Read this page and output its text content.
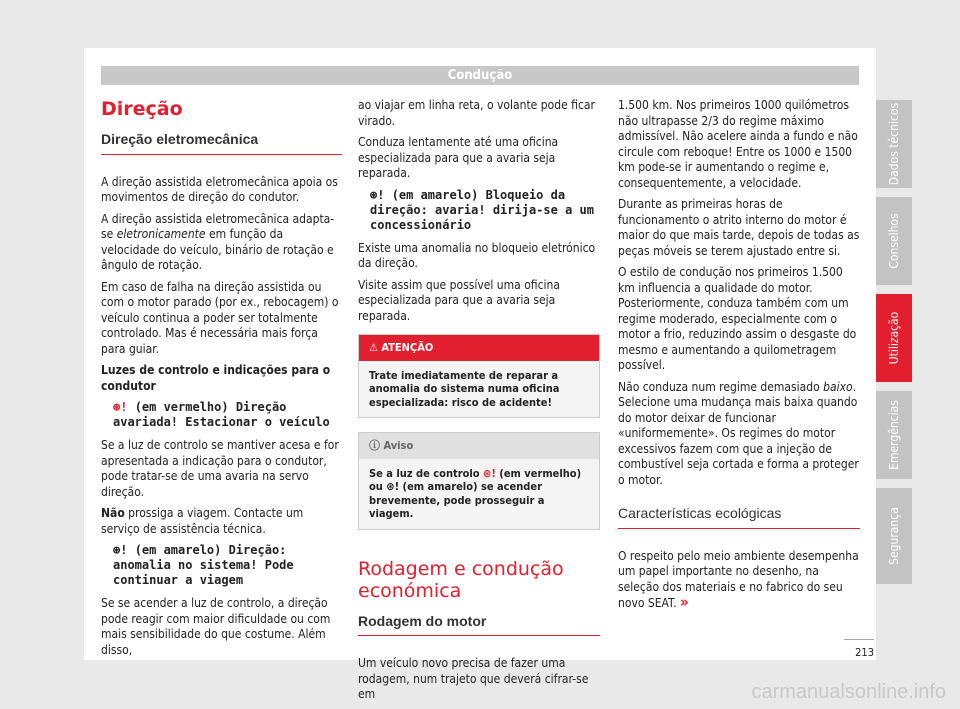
Condução
Direção
Direção eletromecânica

A direção assistida eletromecânica apoia os movimentos de direção do condutor.

A direção assistida eletromecânica adapta-se eletronicamente em função da velocidade do veículo, binário de rotação e ângulo de rotação.

Em caso de falha na direção assistida ou com o motor parado (por ex., rebocagem) o veículo continua a poder ser totalmente controlado. Mas é necessária mais força para guiar.

Luzes de controlo e indicações para o condutor

⊛! (em vermelho) Direção avariada! Estacionar o veículo

Se a luz de controlo se mantiver acesa e for apresentada a indicação para o condutor, pode tratar-se de uma avaria na servo direção.

Não prossiga a viagem. Contacte um serviço de assistência técnica.

⊛! (em amarelo) Direção: anomalia no sistema! Pode continuar a viagem

Se se acender a luz de controlo, a direção pode reagir com maior dificuldade ou com mais sensibilidade do que costume. Além disso,

ao viajar em linha reta, o volante pode ficar virado.

Conduza lentamente até uma oficina especializada para que a avaria seja reparada.

⊛! (em amarelo) Bloqueio da direção: avaria! dirija-se a um concessionário

Existe uma anomalia no bloqueio eletrónico da direção.

Visite assim que possível uma oficina especializada para que a avaria seja reparada.

⚠ ATENÇÃO
Trate imediatamente de reparar a anomalia do sistema numa oficina especializada: risco de acidente!
ⓘ Aviso
Se a luz de controlo ⊛! (em vermelho) ou ⊛! (em amarelo) se acender brevemente, pode prosseguir a viagem.
Rodagem e condução económica
Rodagem do motor

Um veículo novo precisa de fazer uma rodagem, num trajeto que deverá cifrar-se em

1.500 km. Nos primeiros 1000 quilómetros não ultrapasse 2/3 do regime máximo admissível. Não acelere ainda a fundo e não circule com reboque! Entre os 1000 e 1500 km pode-se ir aumentando o regime e, consequentemente, a velocidade.

Durante as primeiras horas de funcionamento o atrito interno do motor é maior do que mais tarde, depois de todas as peças móveis se terem ajustado entre si.

O estilo de condução nos primeiros 1.500 km influencia a qualidade do motor. Posteriormente, conduza também com um regime moderado, especialmente com o motor a frio, reduzindo assim o desgaste do mesmo e aumentando a quilometragem possível.

Não conduza num regime demasiado baixo. Selecione uma mudança mais baixa quando do motor deixar de funcionar «uniformemente». Os regimes do motor excessivos fazem com que a injeção de combustível seja cortada e forma a proteger o motor.

Características ecológicas

O respeito pelo meio ambiente desempenha um papel importante no desenho, na seleção dos materiais e no fabrico do seu novo SEAT. »

Dados técnicos
Conselhos
Utilização
Emergências
Segurança
213
carmanualsonline.info
